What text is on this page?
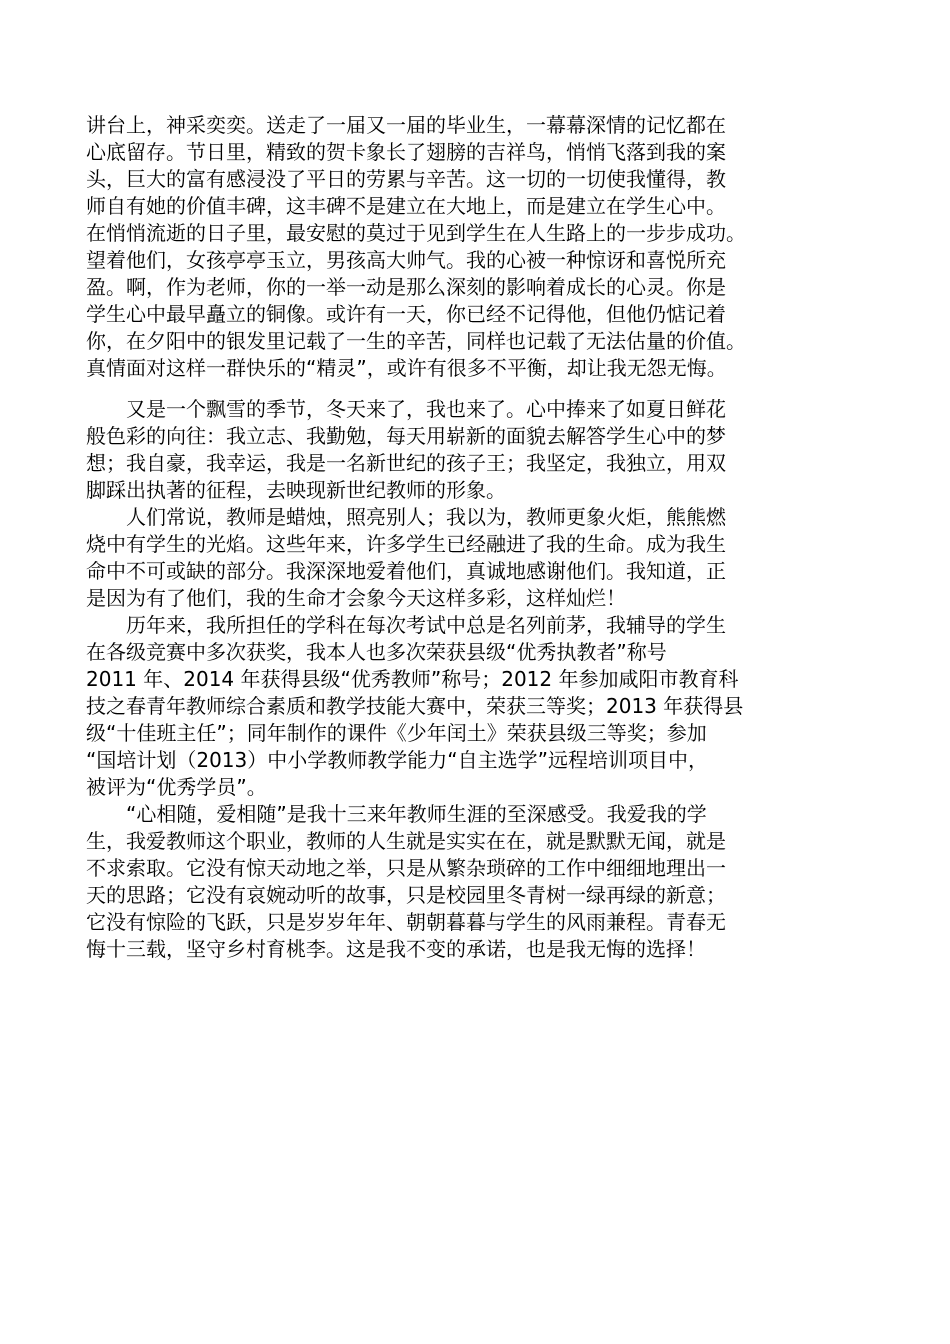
讲台上，神采奕奕。送走了一届又一届的毕业生，一幕幕深情的记忆都在
心底留存。节日里，精致的贺卡象长了翅膀的吉祥鸟，悄悄飞落到我的案
头，巨大的富有感浸没了平日的劳累与辛苦。这一切的一切使我懂得，教
师自有她的价值丰碑，这丰碑不是建立在大地上，而是建立在学生心中。
在悄悄流逝的日子里，最安慰的莫过于见到学生在人生路上的一步步成功。
望着他们，女孩亭亭玉立，男孩高大帅气。我的心被一种惊讶和喜悦所充
盈。啊，作为老师，你的一举一动是那么深刻的影响着成长的心灵。你是
学生心中最早矗立的铜像。或许有一天，你已经不记得他，但他仍惦记着
你，在夕阳中的银发里记载了一生的辛苦，同样也记载了无法估量的价值。
真情面对这样一群快乐的“精灵”，或许有很多不平衡，却让我无怨无悔。
　　又是一个飘雪的季节，冬天来了，我也来了。心中捧来了如夏日鲜花
般色彩的向往：我立志、我勤勉，每天用崭新的面貌去解答学生心中的梦
想；我自豪，我幸运，我是一名新世纪的孩子王；我坚定，我独立，用双
脚踩出执著的征程，去映现新世纪教师的形象。
　　人们常说，教师是蜡烛，照亮别人；我以为，教师更象火炬，熊熊燃
烧中有学生的光焰。这些年来，许多学生已经融进了我的生命。成为我生
命中不可或缺的部分。我深深地爱着他们，真诚地感谢他们。我知道，正
是因为有了他们，我的生命才会象今天这样多彩，这样灿烂！
　　历年来，我所担任的学科在每次考试中总是名列前茅，我辅导的学生
在各级竞赛中多次获奖，我本人也多次荣获县级“优秀执教者”称号
2011 年、2014 年获得县级“优秀教师”称号；2012 年参加咸阳市教育科
技之春青年教师综合素质和教学技能大赛中，荣获三等奖；2013 年获得县
级“十佳班主任”；同年制作的课件《少年闰土》荣获县级三等奖；参加
“国培计划（2013）中小学教师教学能力“自主选学”远程培训项目中，
被评为“优秀学员”。
　　“心相随，爱相随”是我十三来年教师生涯的至深感受。我爱我的学
生，我爱教师这个职业，教师的人生就是实实在在，就是默默无闻，就是
不求索取。它没有惊天动地之举，只是从繁杂琐碎的工作中细细地理出一
天的思路；它没有哀婉动听的故事，只是校园里冬青树一绿再绿的新意；
它没有惊险的飞跃，只是岁岁年年、朝朝暮暮与学生的风雨兼程。青春无
悔十三载，坚守乡村育桃李。这是我不变的承诺，也是我无悔的选择！
